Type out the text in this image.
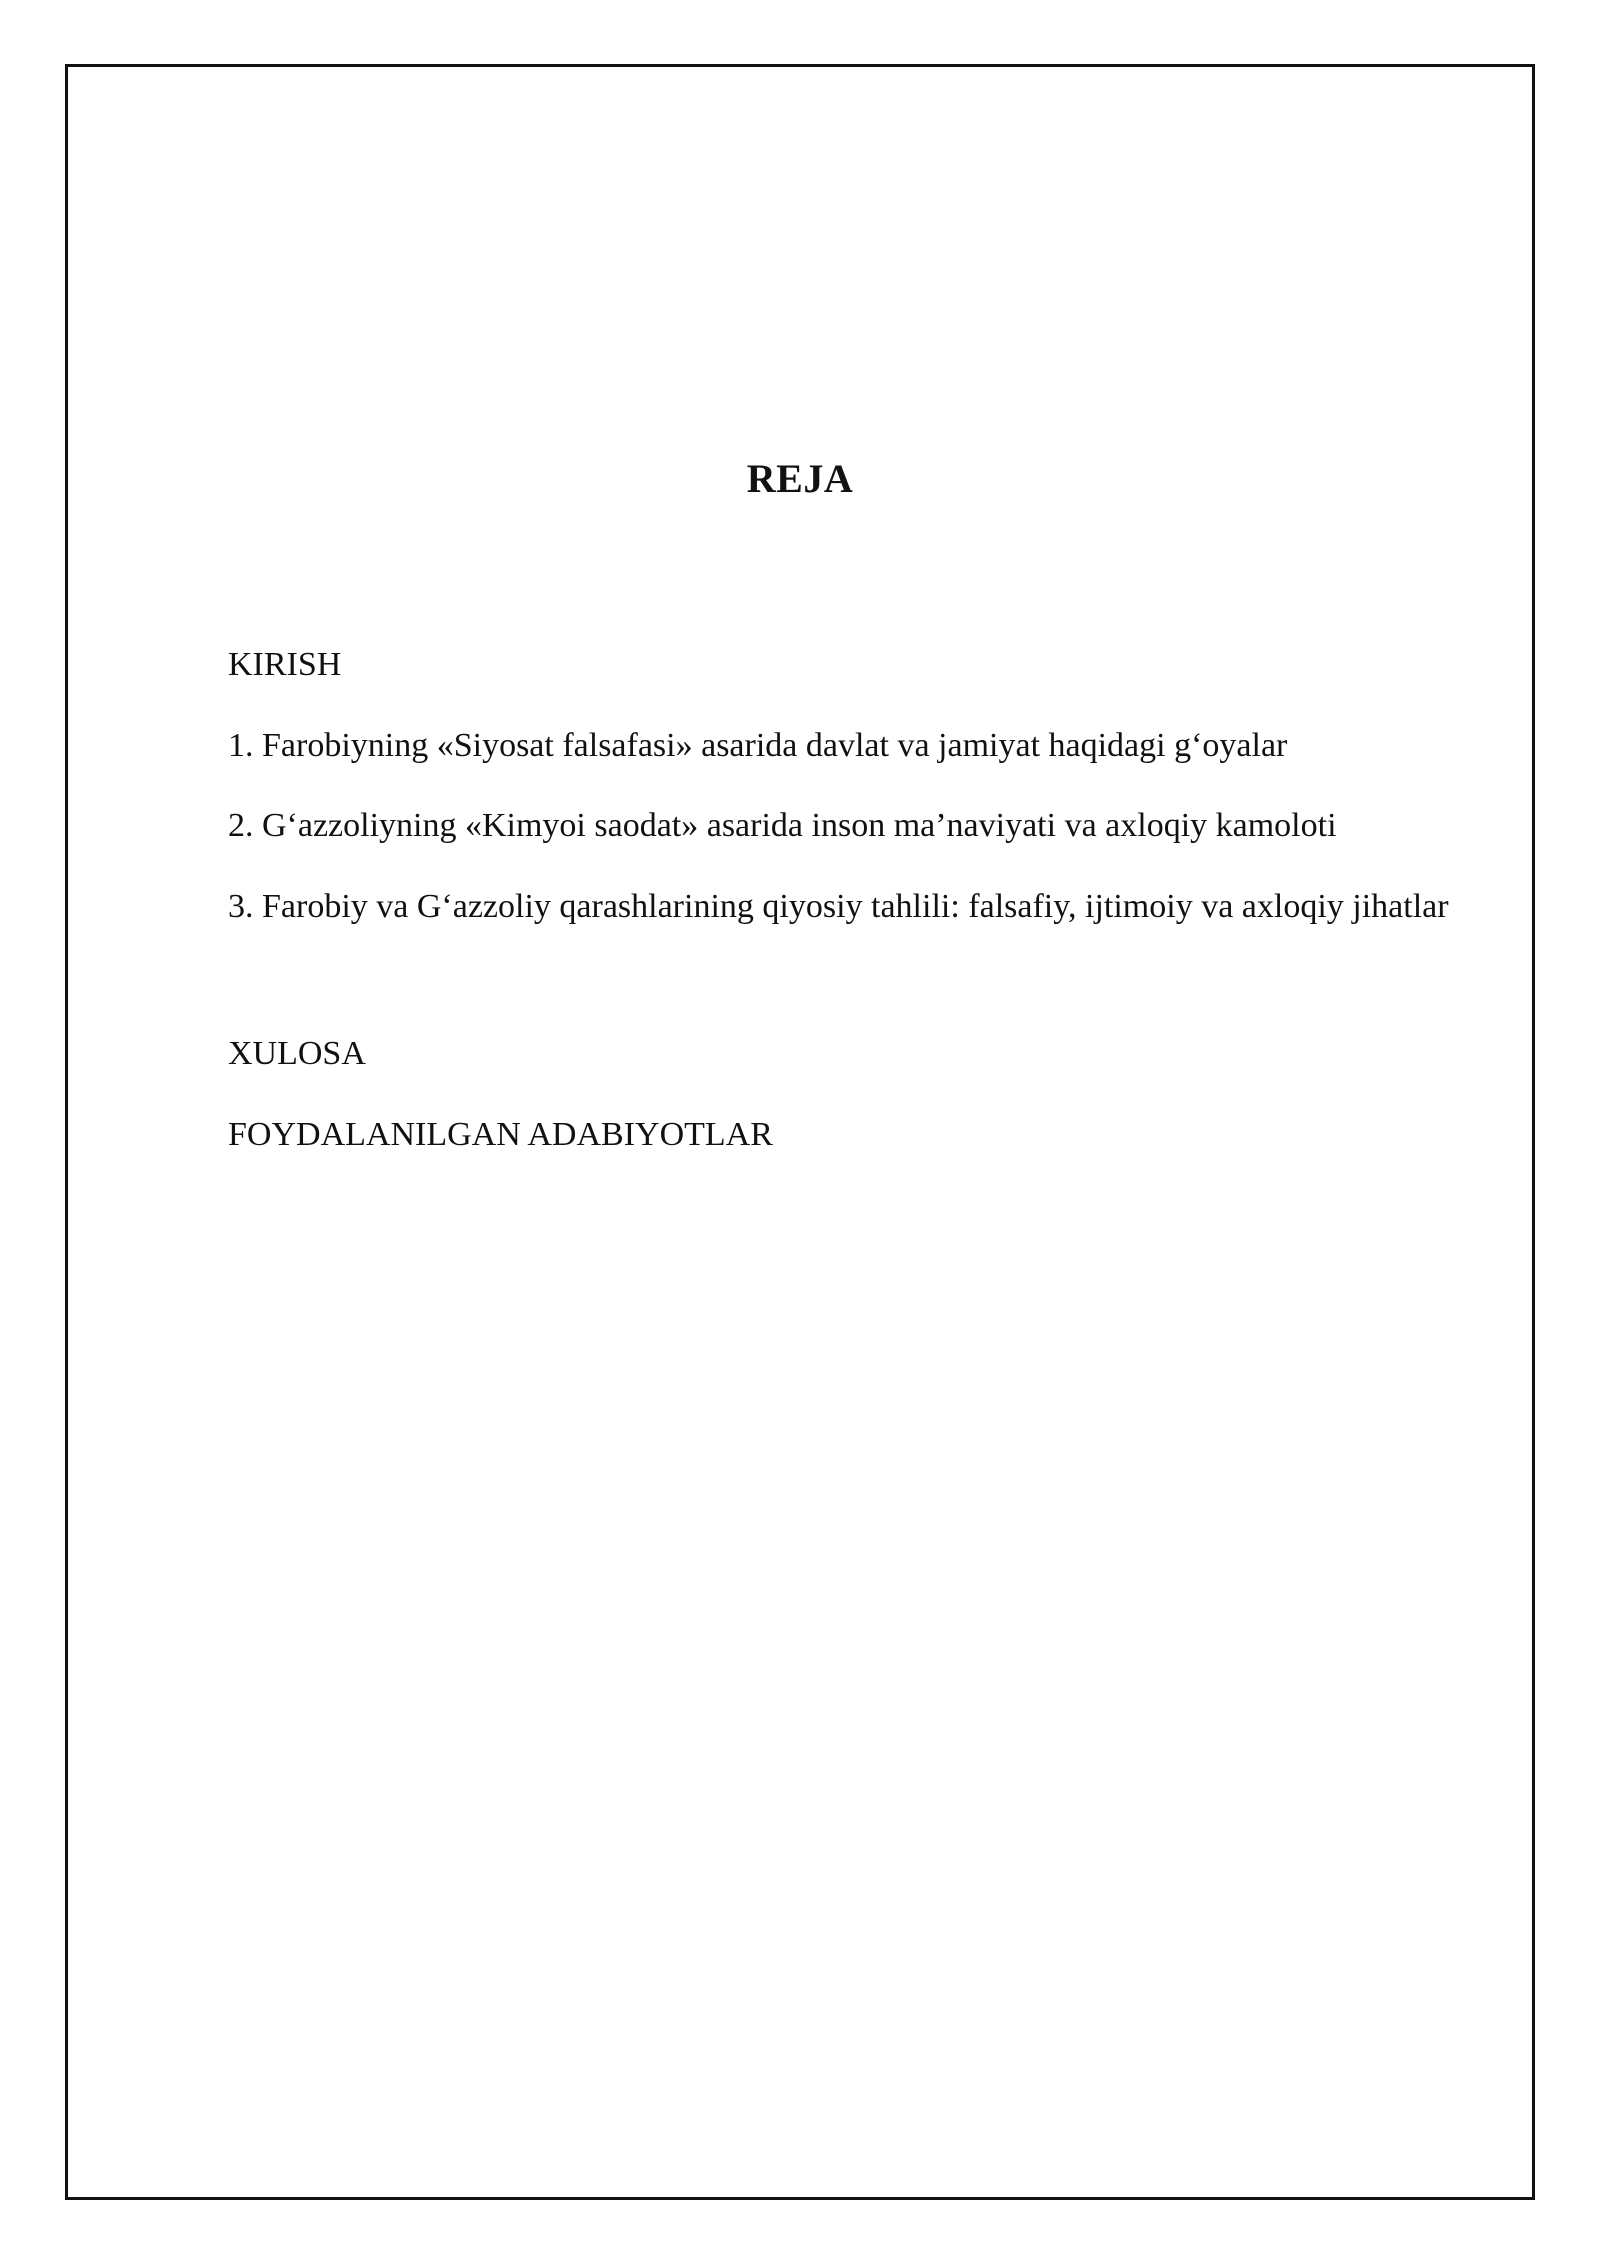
REJA
KIRISH
1. Farobiyning «Siyosat falsafasi» asarida davlat va jamiyat haqidagi g‘oyalar
2. G‘azzoliyning «Kimyoi saodat» asarida inson ma’naviyati va axloqiy kamoloti
3. Farobiy va G‘azzoliy qarashlarining qiyosiy tahlili: falsafiy, ijtimoiy va axloqiy jihatlar
XULOSA
FOYDALANILGAN ADABIYOTLAR
